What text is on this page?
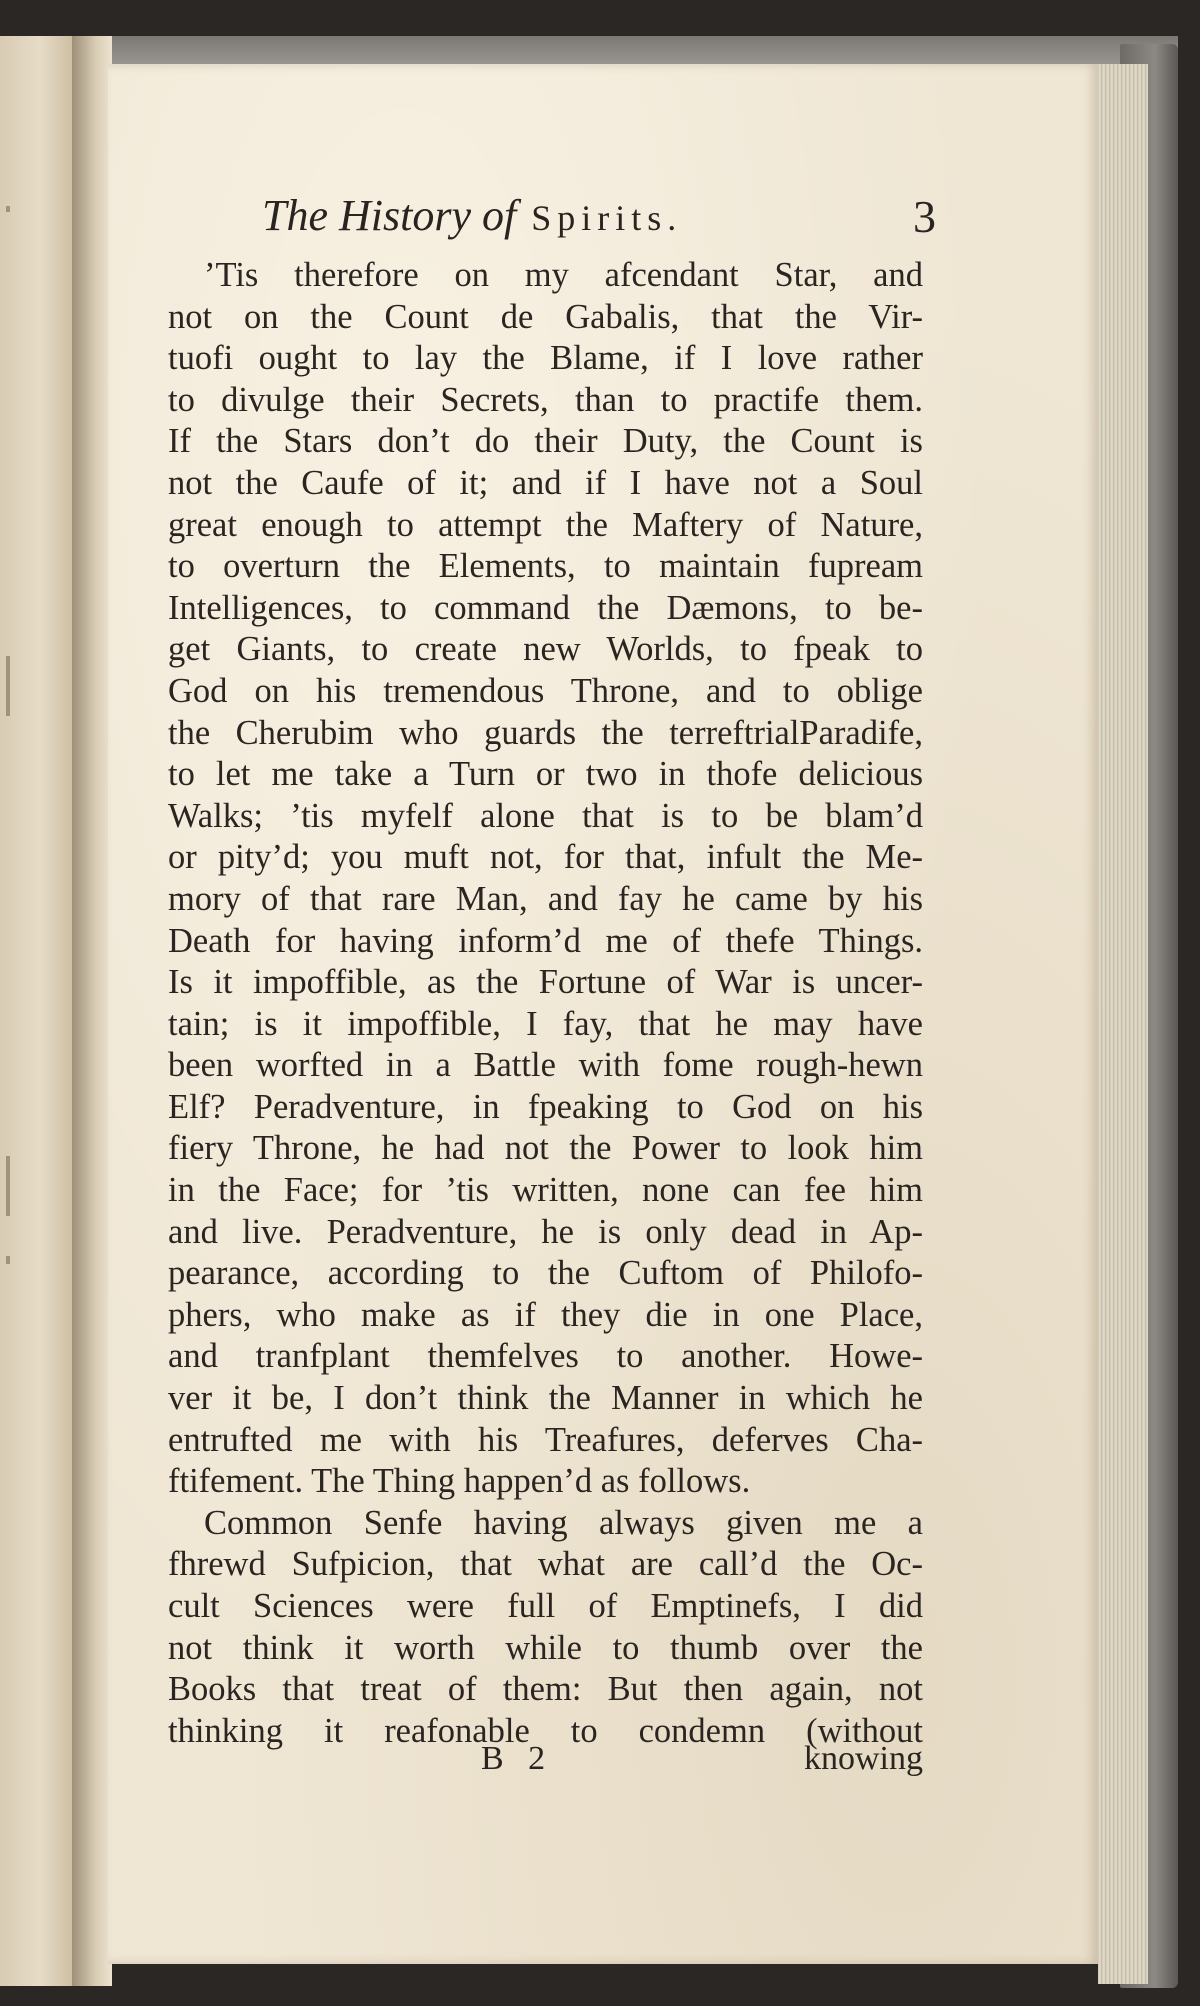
The History of Spirits.	3
’Tis therefore on my afcendant Star, and
not on the Count de Gabalis, that the Vir-
tuofi ought to lay the Blame, if I love rather
to divulge their Secrets, than to practife them.
If the Stars don’t do their Duty, the Count is
not the Caufe of it; and if I have not a Soul
great enough to attempt the Maftery of Nature,
to overturn the Elements, to maintain fupream
Intelligences, to command the Dæmons, to be-
get Giants, to create new Worlds, to fpeak to
God on his tremendous Throne, and to oblige
the Cherubim who guards the terreftrialParadife,
to let me take a Turn or two in thofe delicious
Walks; ’tis myfelf alone that is to be blam’d
or pity’d; you muft not, for that, infult the Me-
mory of that rare Man, and fay he came by his
Death for having inform’d me of thefe Things.
Is it impoffible, as the Fortune of War is uncer-
tain; is it impoffible, I fay, that he may have
been worfted in a Battle with fome rough-hewn
Elf? Peradventure, in fpeaking to God on his
fiery Throne, he had not the Power to look him
in the Face; for ’tis written, none can fee him
and live. Peradventure, he is only dead in Ap-
pearance, according to the Cuftom of Philofo-
phers, who make as if they die in one Place,
and tranfplant themfelves to another. Howe-
ver it be, I don’t think the Manner in which he
entrufted me with his Treafures, deferves Cha-
ftifement. The Thing happen’d as follows.
Common Senfe having always given me a
fhrewd Sufpicion, that what are call’d the Oc-
cult Sciences were full of Emptinefs, I did
not think it worth while to thumb over the
Books that treat of them: But then again, not
thinking it reafonable to condemn (without
B 2	knowing
